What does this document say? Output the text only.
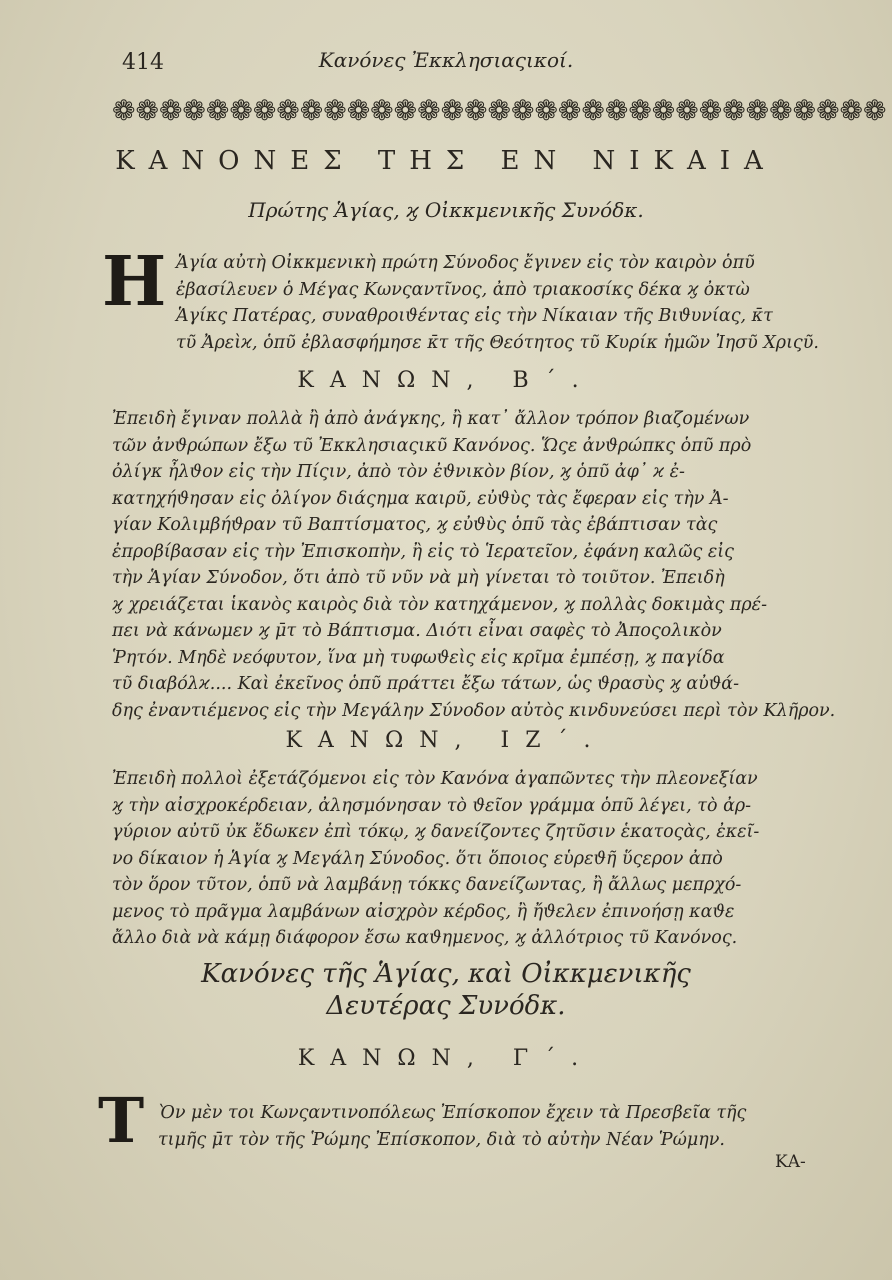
414	Κανόνες Ἐκκλησιαςικοί.
❁ ❁ ❁ ❁ ❁ ❁ ❁ ❁ ❁ ❁ ❁ ❁ ❁ ❁ ❁ ❁ ❁ ❁ ❁ ❁ ❁ ❁ ❁ ❁ ❁ ❁ ❁ ❁ ❁ ❁ ❁ ❁ ❁
ΚΑΝΟΝΕΣ ΤΗΣ ΕΝ ΝΙΚΑΙΑ
Πρώτης Ἁγίας, ϗ Οἰκκμενικῆς Συνόδκ.
Η Ἁγία αὐτὴ Οἰκκμενικὴ πρώτη Σύνοδος ἔγινεν εἰς τὸν καιρὸν ὁπῦ
ἐβασίλευεν ὁ Μέγας Κωνςαντῖνος, ἀπὸ τριακοσίκς δέκα ϗ ὀκτὼ
Ἁγίκς Πατέρας, συναθροιϑέντας εἰς τὴν Νίκαιαν τῆς Βιϑυνίας, κ̄τ
τῦ Ἀρεὶϰ, ὁπῦ ἐβλασφήμησε κ̄τ τῆς Θεότητος τῦ Κυρίκ ἡμῶν Ἰησῦ Χριςῦ.
ΚΑΝΩΝ, Β΄.
Ἐπειδὴ ἔγιναν πολλὰ ἢ ἀπὸ ἀνάγκης, ἢ κατ᾽ ἄλλον τρόπον βιαζομένων
τῶν ἀνϑρώπων ἔξω τῦ Ἐκκλησιαςικῦ Κανόνος. Ὥςε ἀνϑρώπκς ὁπῦ πρὸ
ὀλίγκ ἦλϑον εἰς τὴν Πίςιν, ἀπὸ τὸν ἐϑνικὸν βίον, ϗ ὁπῦ ἀφ᾽ ϰ ἐ-
κατηχήϑησαν εἰς ὀλίγον διάςημα καιρῦ, εὐϑὺς τὰς ἔφεραν εἰς τὴν Ἀ-
γίαν Κολιμβήϑραν τῦ Βαπτίσματος, ϗ εὐϑὺς ὁπῦ τὰς ἐβάπτισαν τὰς
ἐπροβίβασαν εἰς τὴν Ἐπισκοπὴν, ἢ εἰς τὸ Ἱερατεῖον, ἐφάνη καλῶς εἰς
τὴν Ἁγίαν Σύνοδον, ὅτι ἀπὸ τῦ νῦν νὰ μὴ γίνεται τὸ τοιῦτον. Ἐπειδὴ
ϗ χρειάζεται ἱκανὸς καιρὸς διὰ τὸν κατηχάμενον, ϗ πολλὰς δοκιμὰς πρέ-
πει νὰ κάνωμεν ϗ μ̄τ τὸ Βάπτισμα. Διότι εἶναι σαφὲς τὸ Ἀποςολικὸν
Ῥητόν. Μηδὲ νεόφυτον, ἵνα μὴ τυφωϑεὶς εἰς κρῖμα ἐμπέσῃ, ϗ παγίδα
τῦ διαβόλϰ.... Καὶ ἐκεῖνος ὁπῦ πράττει ἔξω τάτων, ὡς ϑρασὺς ϗ αὐϑά-
δης ἐναντιέμενος εἰς τὴν Μεγάλην Σύνοδον αὐτὸς κινδυνεύσει περὶ τὸν Κλῆρον.
ΚΑΝΩΝ, ΙΖ΄.
Ἐπειδὴ πολλοὶ ἐξετάζόμενοι εἰς τὸν Κανόνα ἀγαπῶντες τὴν πλεονεξίαν
ϗ τὴν αἰσχροκέρδειαν, ἀλησμόνησαν τὸ ϑεῖον γράμμα ὁπῦ λέγει, τὸ ἀρ-
γύριον αὐτῦ ὐκ ἔδωκεν ἐπὶ τόκῳ, ϗ δανείζοντες ζητῦσιν ἑκατοςὰς, ἐκεῖ-
νο δίκαιον ἡ Ἁγία ϗ Μεγάλη Σύνοδος. ὅτι ὅποιος εὑρεϑῆ ὕςερον ἀπὸ
τὸν ὅρον τῦτον, ὁπῦ νὰ λαμβάνῃ τόκκς δανείζωντας, ἢ ἄλλως μεπρχό-
μενος τὸ πρᾶγμα λαμβάνων αἰσχρὸν κέρδος, ἢ ἤϑελεν ἐπινοήσῃ καϑε
ἄλλο διὰ νὰ κάμῃ διάφορον ἔσω καϑημενος, ϗ ἀλλότριος τῦ Κανόνος.
Κανόνες τῆς Ἁγίας, καὶ Οἰκκμενικῆς
Δευτέρας Συνόδκ.
ΚΑΝΩΝ, Γ΄.
Τ Ὸν μὲν τοι Κωνςαντινοπόλεως Ἐπίσκοπον ἔχειν τὰ Πρεσβεῖα τῆς
τιμῆς μ̄τ τὸν τῆς Ῥώμης Ἐπίσκοπον, διὰ τὸ αὐτὴν Νέαν Ῥώμην.
ΚΑ-
